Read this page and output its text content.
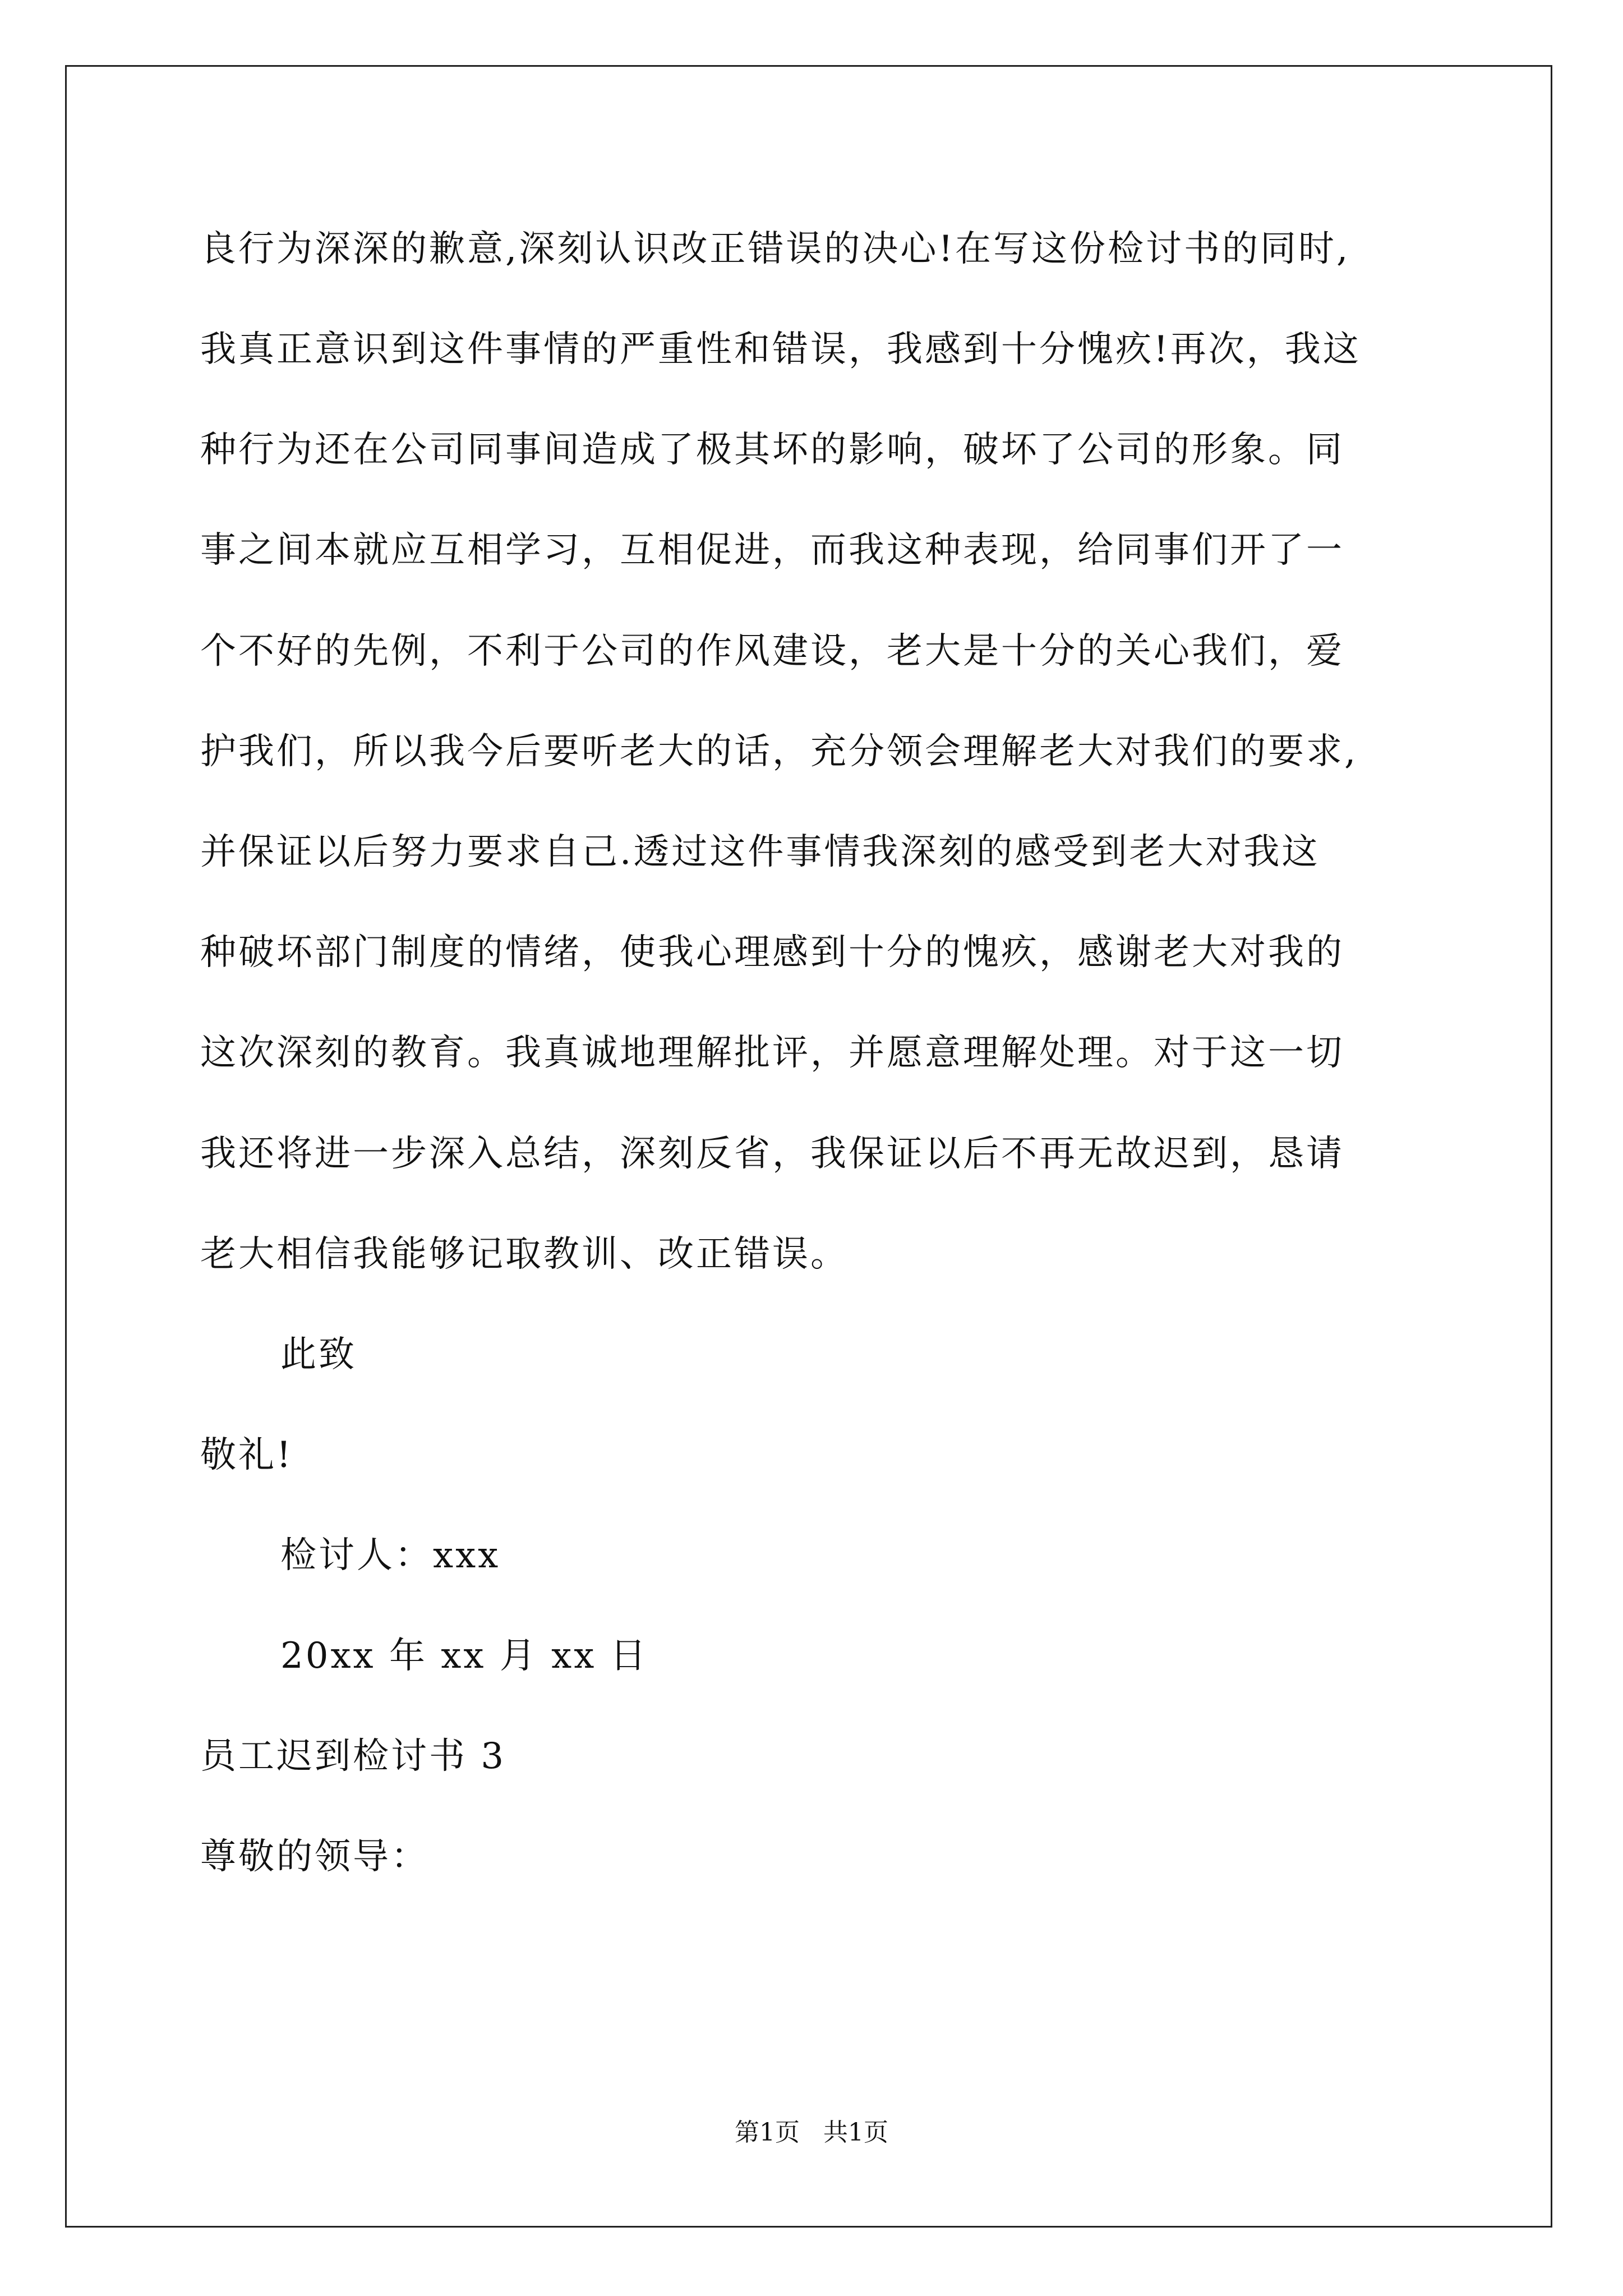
良行为深深的歉意,深刻认识改正错误的决心!在写这份检讨书的同时,
我真正意识到这件事情的严重性和错误，我感到十分愧疚!再次，我这
种行为还在公司同事间造成了极其坏的影响，破坏了公司的形象。同
事之间本就应互相学习，互相促进，而我这种表现，给同事们开了一
个不好的先例，不利于公司的作风建设，老大是十分的关心我们，爱
护我们，所以我今后要听老大的话，充分领会理解老大对我们的要求,
并保证以后努力要求自己.透过这件事情我深刻的感受到老大对我这
种破坏部门制度的情绪，使我心理感到十分的愧疚，感谢老大对我的
这次深刻的教育。我真诚地理解批评，并愿意理解处理。对于这一切
我还将进一步深入总结，深刻反省，我保证以后不再无故迟到，恳请
老大相信我能够记取教训、改正错误。
此致
敬礼!
检讨人：xxx
20xx 年 xx 月 xx 日
员工迟到检讨书 3
尊敬的领导：
第1页   共1页
